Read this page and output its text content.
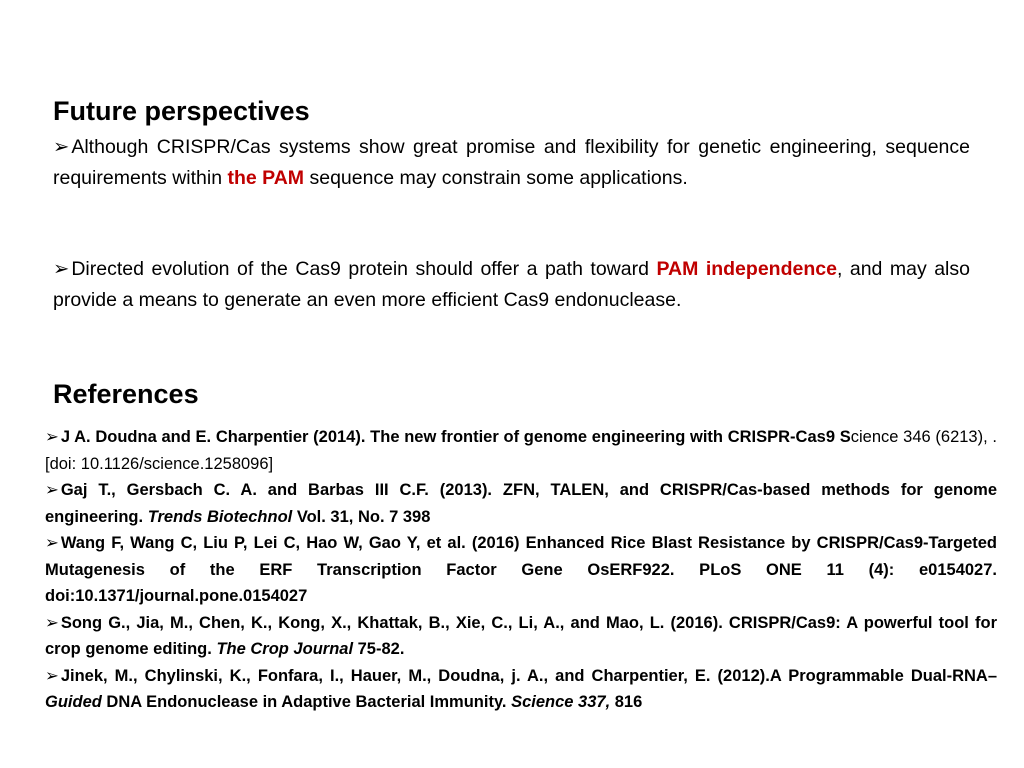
Future perspectives

➢ Although CRISPR/Cas systems show great promise and flexibility for genetic engineering, sequence requirements within the PAM sequence may constrain some applications.

➢ Directed evolution of the Cas9 protein should offer a path toward PAM independence, and may also provide a means to generate an even more efficient Cas9 endonuclease.

References
➢ J A. Doudna and E. Charpentier (2014). The new frontier of genome engineering with CRISPR-Cas9 Science 346 (6213), . [doi: 10.1126/science.1258096]
➢ Gaj T., Gersbach C. A. and Barbas III C.F. (2013). ZFN, TALEN, and CRISPR/Cas-based methods for genome engineering. Trends Biotechnol Vol. 31, No. 7 398
➢ Wang F, Wang C, Liu P, Lei C, Hao W, Gao Y, et al. (2016) Enhanced Rice Blast Resistance by CRISPR/Cas9-Targeted Mutagenesis of the ERF Transcription Factor Gene OsERF922. PLoS ONE 11 (4): e0154027. doi:10.1371/journal.pone.0154027
➢ Song G., Jia, M., Chen, K., Kong, X., Khattak, B., Xie, C., Li, A., and Mao, L. (2016). CRISPR/Cas9: A powerful tool for crop genome editing. The Crop Journal 75-82.
➢ Jinek, M., Chylinski, K., Fonfara, I., Hauer, M., Doudna, j. A., and Charpentier, E. (2012).A Programmable Dual-RNA–Guided DNA Endonuclease in Adaptive Bacterial Immunity. Science 337, 816
